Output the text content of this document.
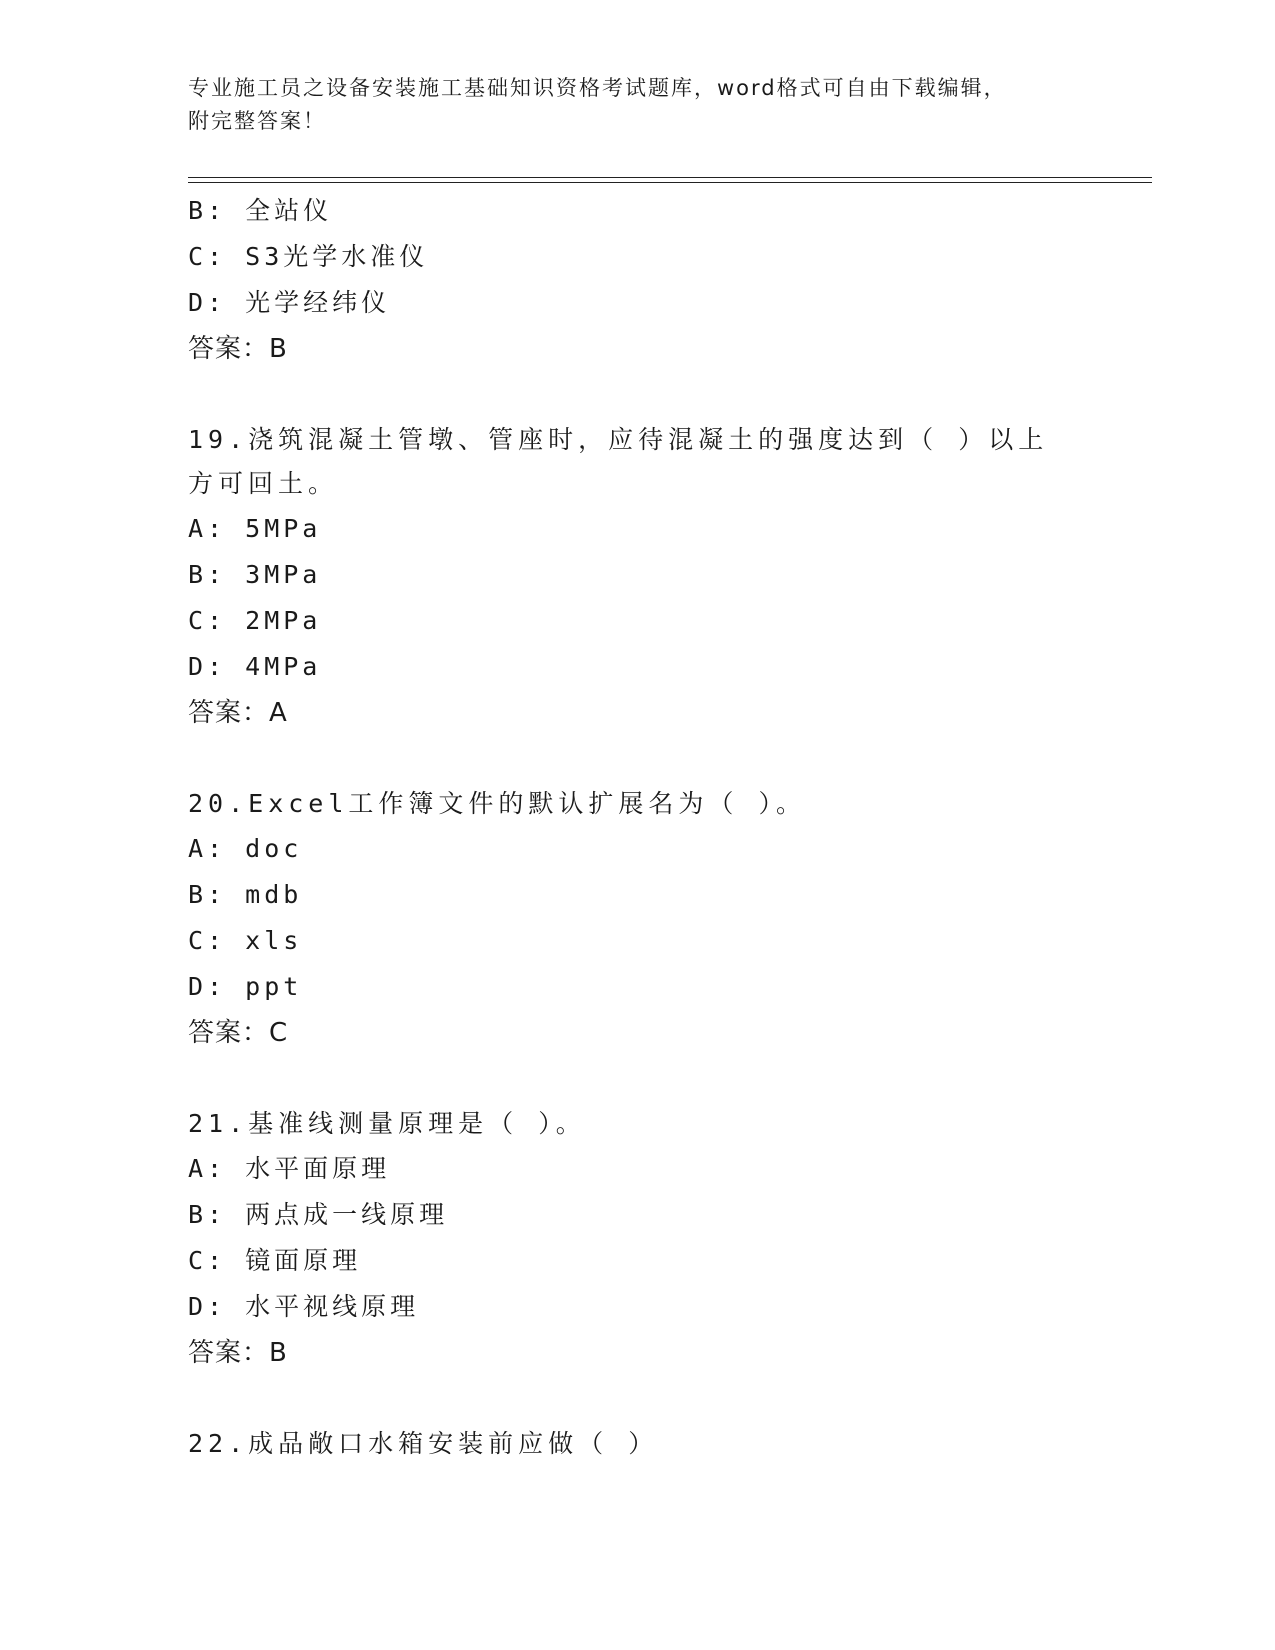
专业施工员之设备安装施工基础知识资格考试题库，word格式可自由下载编辑，
附完整答案！
B: 全站仪
C: S3光学水准仪
D: 光学经纬仪
答案：B
19.浇筑混凝土管墩、管座时，应待混凝土的强度达到（ ）以上方可回土。
A: 5MPa
B: 3MPa
C: 2MPa
D: 4MPa
答案：A
20.Excel工作簿文件的默认扩展名为（ ）。
A: doc
B: mdb
C: xls
D: ppt
答案：C
21.基准线测量原理是（ ）。
A: 水平面原理
B: 两点成一线原理
C: 镜面原理
D: 水平视线原理
答案：B
22.成品敞口水箱安装前应做（ ）
